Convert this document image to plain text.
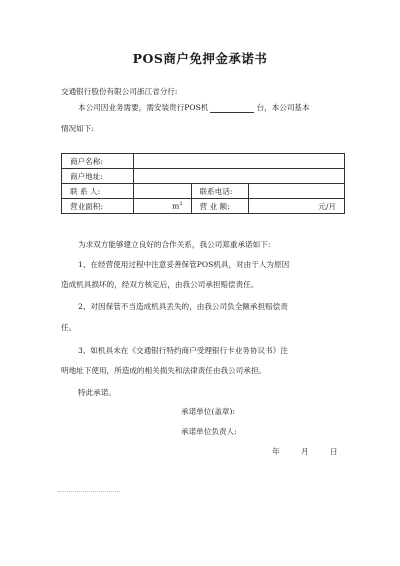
POS商户免押金承诺书
交通银行股份有限公司浙江省分行:
本公司因业务需要，需安装贵行POS机	台，本公司基本
情况如下:
商户名称:			
商户地址:			
联 系 人:		联系电话:	
营业面积:	$m^2$	营 业 额:	元/月
为求双方能够建立良好的合作关系，我公司郑重承诺如下:
1、在经营使用过程中注意妥善保管POS机具，对由于人为原因
造成机具损坏的，经双方核定后，由我公司承担赔偿责任。
2、对因保管不当造成机具丢失的，由我公司负全额承担赔偿责
任。
3、如机具未在《交通银行特约商户受理银行卡业务协议书》注
明地址下使用，所造成的相关损失和法律责任由我公司承担。
特此承诺。
承诺单位(盖章):
承诺单位负责人:
年	月	日
